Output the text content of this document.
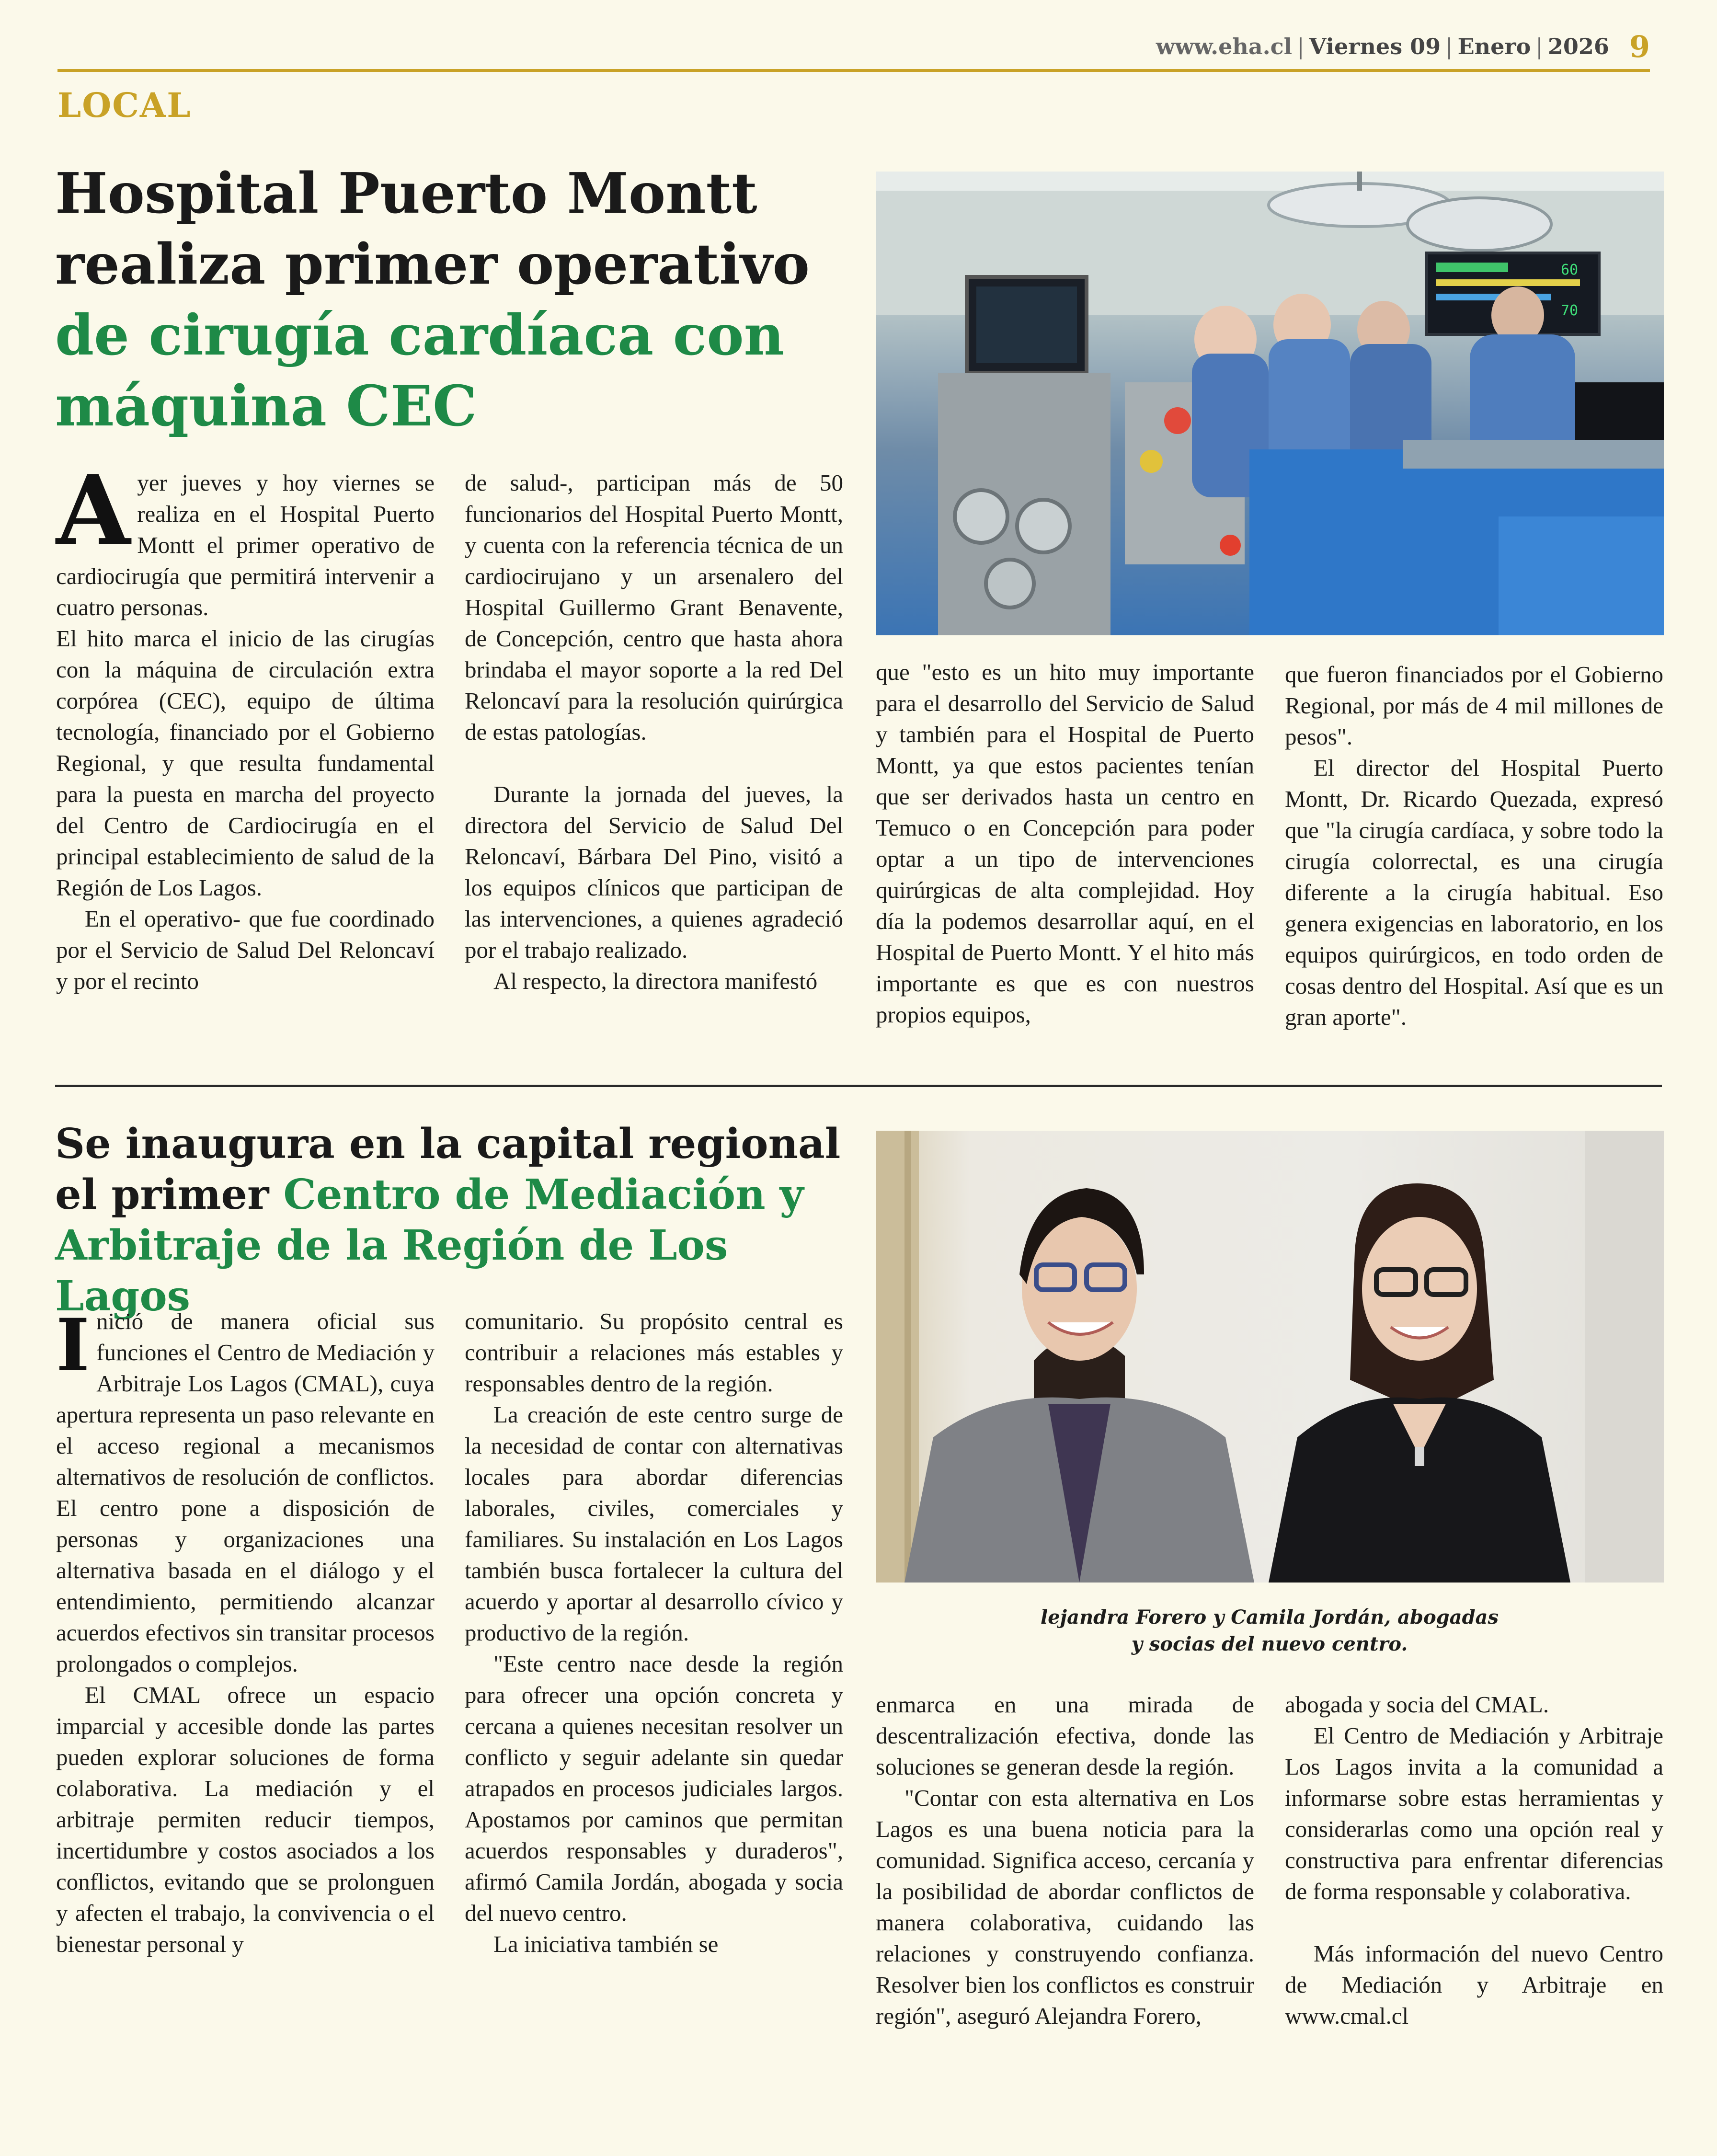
www.eha.cl | Viernes 09 | Enero | 2026 9
LOCAL
Hospital Puerto Montt realiza primer operativo de cirugía cardíaca con máquina CEC
60
70

Ayer jueves y hoy viernes se realiza en el Hospital Puerto Montt el primer operativo de cardiocirugía que permitirá intervenir a cuatro personas.

El hito marca el inicio de las cirugías con la máquina de circulación extra corpórea (CEC), equipo de última tecnología, financiado por el Gobierno Regional, y que resulta fundamental para la puesta en marcha del proyecto del Centro de Cardiocirugía en el principal establecimiento de salud de la Región de Los Lagos.

En el operativo- que fue coordinado por el Servicio de Salud Del Reloncaví y por el recinto

de salud-, participan más de 50 funcionarios del Hospital Puerto Montt, y cuenta con la referencia técnica de un cardiocirujano y un arsenalero del Hospital Guillermo Grant Benavente, de Concepción, centro que hasta ahora brindaba el mayor soporte a la red Del Reloncaví para la resolución quirúrgica de estas patologías.

Durante la jornada del jueves, la directora del Servicio de Salud Del Reloncaví, Bárbara Del Pino, visitó a los equipos clínicos que participan de las intervenciones, a quienes agradeció por el trabajo realizado.

Al respecto, la directora manifestó

que "esto es un hito muy importante para el desarrollo del Servicio de Salud y también para el Hospital de Puerto Montt, ya que estos pacientes tenían que ser derivados hasta un centro en Temuco o en Concepción para poder optar a un tipo de intervenciones quirúrgicas de alta complejidad. Hoy día la podemos desarrollar aquí, en el Hospital de Puerto Montt. Y el hito más importante es que es con nuestros propios equipos,

que fueron financiados por el Gobierno Regional, por más de 4 mil millones de pesos".

El director del Hospital Puerto Montt, Dr. Ricardo Quezada, expresó que "la cirugía cardíaca, y sobre todo la cirugía colorrectal, es una cirugía diferente a la cirugía habitual. Eso genera exigencias en laboratorio, en los equipos quirúrgicos, en todo orden de cosas dentro del Hospital. Así que es un gran aporte".

Se inaugura en la capital regional
el primer Centro de Mediación y
Arbitraje de la Región de Los Lagos
lejandra Forero y Camila Jordán, abogadas
y socias del nuevo centro.

Inició de manera oficial sus funciones el Centro de Mediación y Arbitraje Los Lagos (CMAL), cuya apertura representa un paso relevante en el acceso regional a mecanismos alternativos de resolución de conflictos. El centro pone a disposición de personas y organizaciones una alternativa basada en el diálogo y el entendimiento, permitiendo alcanzar acuerdos efectivos sin transitar procesos prolongados o complejos.

El CMAL ofrece un espacio imparcial y accesible donde las partes pueden explorar soluciones de forma colaborativa. La mediación y el arbitraje permiten reducir tiempos, incertidumbre y costos asociados a los conflictos, evitando que se prolonguen y afecten el trabajo, la convivencia o el bienestar personal y

comunitario. Su propósito central es contribuir a relaciones más estables y responsables dentro de la región.

La creación de este centro surge de la necesidad de contar con alternativas locales para abordar diferencias laborales, civiles, comerciales y familiares. Su instalación en Los Lagos también busca fortalecer la cultura del acuerdo y aportar al desarrollo cívico y productivo de la región.

"Este centro nace desde la región para ofrecer una opción concreta y cercana a quienes necesitan resolver un conflicto y seguir adelante sin quedar atrapados en procesos judiciales largos. Apostamos por caminos que permitan acuerdos responsables y duraderos", afirmó Camila Jordán, abogada y socia del nuevo centro.

La iniciativa también se

enmarca en una mirada de descentralización efectiva, donde las soluciones se generan desde la región.

"Contar con esta alternativa en Los Lagos es una buena noticia para la comunidad. Significa acceso, cercanía y la posibilidad de abordar conflictos de manera colaborativa, cuidando las relaciones y construyendo confianza. Resolver bien los conflictos es construir región", aseguró Alejandra Forero,

abogada y socia del CMAL.

El Centro de Mediación y Arbitraje Los Lagos invita a la comunidad a informarse sobre estas herramientas y considerarlas como una opción real y constructiva para enfrentar diferencias de forma responsable y colaborativa.

Más información del nuevo Centro de Mediación y Arbitraje en www.cmal.cl
